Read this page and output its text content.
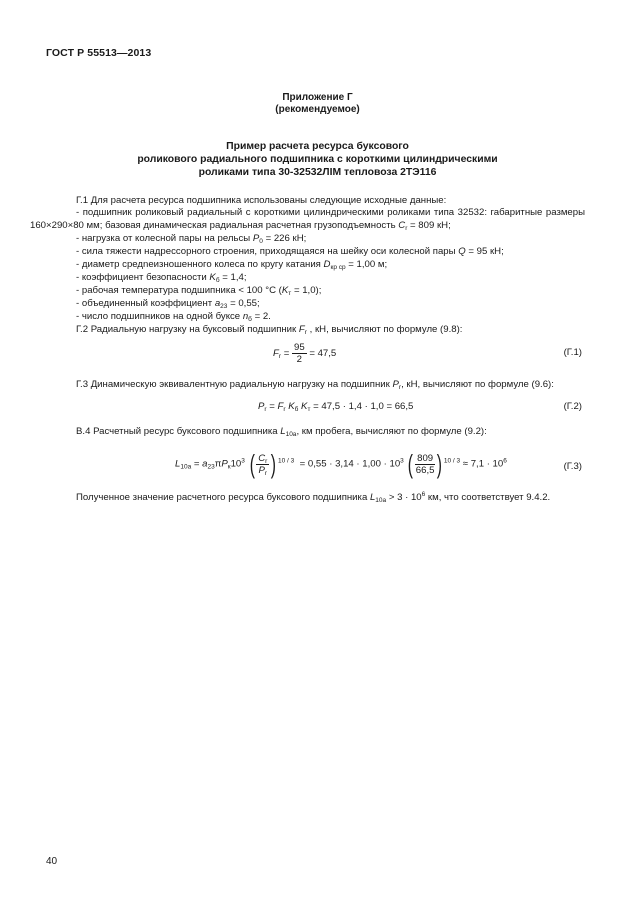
ГОСТ Р 55513—2013
Приложение Г
(рекомендуемое)
Пример расчета ресурса буксового
роликового радиального подшипника с короткими цилиндрическими
роликами типа 30-32532ЛIМ тепловоза 2ТЭ116
Г.1 Для расчета ресурса подшипника использованы следующие исходные данные:
- подшипник роликовый радиальный с короткими цилиндрическими роликами типа 32532: габаритные размеры 160×290×80 мм; базовая динамическая радиальная расчетная грузоподъемность $C_r = 809$ кН;
- нагрузка от колесной пары на рельсы $P_0 = 226$ кН;
- сила тяжести надрессорного строения, приходящаяся на шейку оси колесной пары Q = 95 кН;
- диаметр средneизношенного колеса по кругу катания $D_{кр ср} = 1,00$ м;
- коэффициент безопасности $K_б = 1,4$;
- рабочая температура подшипника < 100 °С $(K_т = 1,0)$;
- объединенный коэффициент $a_{23} = 0,55$;
- число подшипников на одной буксе $n_б = 2$.
Г.2 Радиальную нагрузку на буксовый подшипник $F_r$ , кН, вычисляют по формуле (9.8):
$F_r = \frac{95}{2} = 47,5$	(Г.1)
Г.3 Динамическую эквивалентную радиальную нагрузку на подшипник $P_r$, кН, вычисляют по формуле (9.6):
$P_r = F_r$ $K_б$ $K_т = 47,5 \cdot 1,4 \cdot 1,0 = 66,5$	(Г.2)
В.4 Расчетный ресурс буксового подшипника $L_{10a}$, км пробега, вычисляют по формуле (9.2):
$L_{10a} = a_{23}\pi P_к10^3$ ( $\frac{C_r}{P_r}$ ) $^{10 / 3} = 0,55 \cdot 3,14 \cdot 1,00 \cdot 10^3$ ( $\frac{809}{66,5}$ ) $^{10 / 3} \approx 7,1 \cdot 10^6$	(Г.3)
Полученное значение расчетного ресурса буксового подшипника $L_{10a} > 3 \cdot 10^6$ км, что соответствует 9.4.2.
40
